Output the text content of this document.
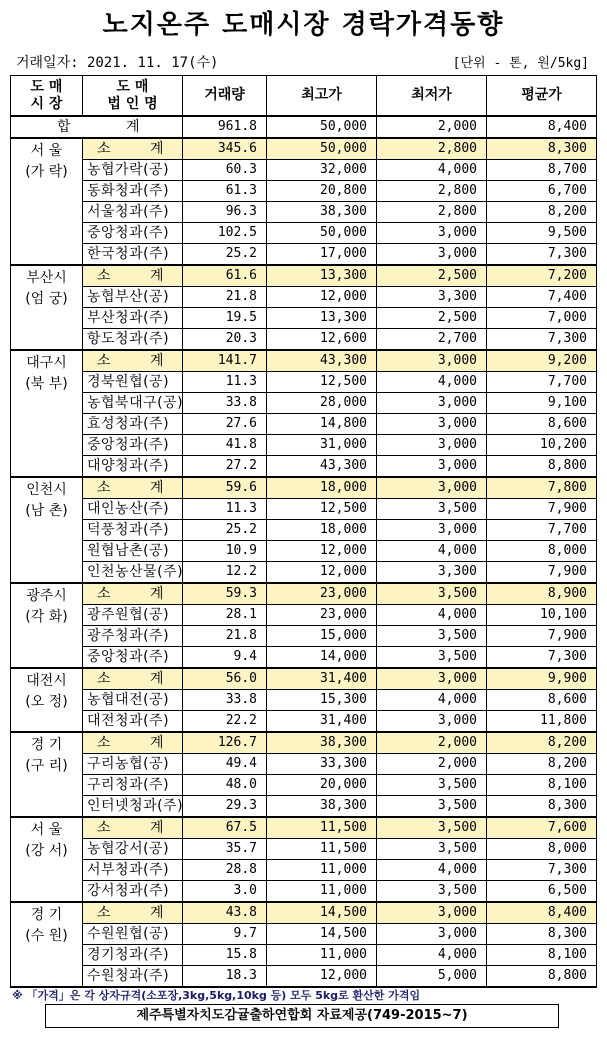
노지온주 도매시장 경락가격동향
거래일자: 2021. 11. 17(수)	[단위 - 톤, 원/5kg]
도 매
시 장	도 매
법 인 명	거래량	최고가	최저가	평균가
합 계		961.8	50,000	2,000	8,400
서 울
(가 락)	소 계	345.6	50,000	2,800	8,300
	농협가락(공)	60.3	32,000	4,000	8,700
	동화청과(주)	61.3	20,800	2,800	6,700
	서울청과(주)	96.3	38,300	2,800	8,200
	중앙청과(주)	102.5	50,000	3,000	9,500
	한국청과(주)	25.2	17,000	3,000	7,300
부산시
(엄 궁)	소 계	61.6	13,300	2,500	7,200
	농협부산(공)	21.8	12,000	3,300	7,400
	부산청과(주)	19.5	13,300	2,500	7,000
	항도청과(주)	20.3	12,600	2,700	7,300
대구시
(북 부)	소 계	141.7	43,300	3,000	9,200
	경북원협(공)	11.3	12,500	4,000	7,700
	농협북대구(공)	33.8	28,000	3,000	9,100
	효성청과(주)	27.6	14,800	3,000	8,600
	중앙청과(주)	41.8	31,000	3,000	10,200
	대양청과(주)	27.2	43,300	3,000	8,800
인천시
(남 촌)	소 계	59.6	18,000	3,000	7,800
	대인농산(주)	11.3	12,500	3,500	7,900
	덕풍청과(주)	25.2	18,000	3,000	7,700
	원협남촌(공)	10.9	12,000	4,000	8,000
	인천농산물(주)	12.2	12,000	3,300	7,900
광주시
(각 화)	소 계	59.3	23,000	3,500	8,900
	광주원협(공)	28.1	23,000	4,000	10,100
	광주청과(주)	21.8	15,000	3,500	7,900
	중앙청과(주)	9.4	14,000	3,500	7,300
대전시
(오 정)	소 계	56.0	31,400	3,000	9,900
	농협대전(공)	33.8	15,300	4,000	8,600
	대전청과(주)	22.2	31,400	3,000	11,800
경 기
(구 리)	소 계	126.7	38,300	2,000	8,200
	구리농협(공)	49.4	33,300	2,000	8,200
	구리청과(주)	48.0	20,000	3,500	8,100
	인터넷청과(주)	29.3	38,300	3,500	8,300
서 울
(강 서)	소 계	67.5	11,500	3,500	7,600
	농협강서(공)	35.7	11,500	3,500	8,000
	서부청과(주)	28.8	11,000	4,000	7,300
	강서청과(주)	3.0	11,000	3,500	6,500
경 기
(수 원)	소 계	43.8	14,500	3,000	8,400
	수원원협(공)	9.7	14,500	3,000	8,300
	경기청과(주)	15.8	11,000	4,000	8,100
	수원청과(주)	18.3	12,000	5,000	8,800
※ 「가격」은 각 상자규격(소포장,3kg,5kg,10kg 등) 모두 5kg로 환산한 가격임
제주특별자치도감귤출하연합회 자료제공(749-2015~7)
